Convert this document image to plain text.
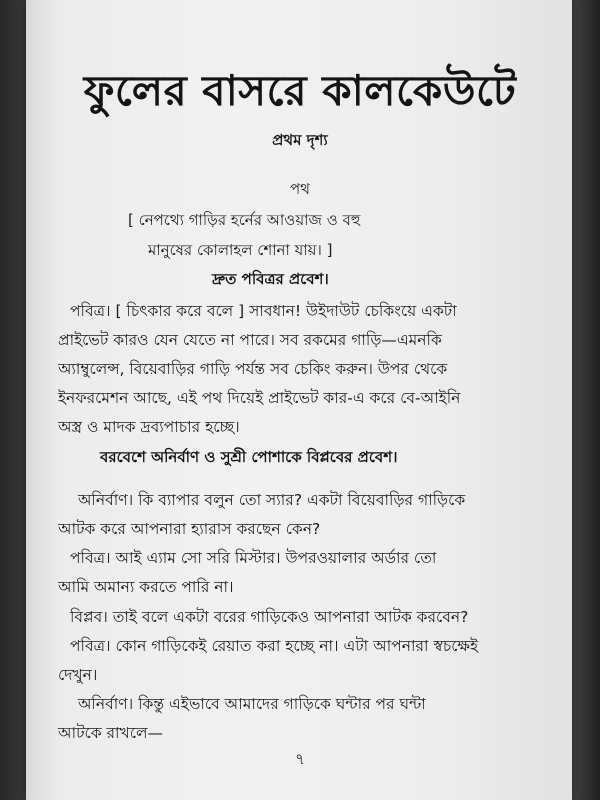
ফুলের বাসরে কালকেউটে
প্রথম দৃশ্য
পথ
[ নেপথ্যে গাড়ির হর্নের আওয়াজ ও বহু
মানুষের কোলাহল শোনা যায়। ]
দ্রুত পবিত্রর প্রবেশ।
পবিত্র। [ চিৎকার করে বলে ] সাবধান! উইদাউট চেকিংয়ে একটা
প্রাইভেট কারও যেন যেতে না পারে। সব রকমের গাড়ি—এমনকি
অ্যাম্বুলেন্স, বিয়েবাড়ির গাড়ি পর্যন্ত সব চেকিং করুন। উপর থেকে
ইনফরমেশন আছে, এই পথ দিয়েই প্রাইভেট কার-এ করে বে-আইনি
অস্ত্র ও মাদক দ্রব্যপাচার হচ্ছে।
বরবেশে অনির্বাণ ও সুশ্রী পোশাকে বিপ্লবের প্রবেশ।
অনির্বাণ। কি ব্যাপার বলুন তো স্যার? একটা বিয়েবাড়ির গাড়িকে
আটক করে আপনারা হ্যারাস করছেন কেন?
পবিত্র। আই এ্যাম সো সরি মিস্টার। উপরওয়ালার অর্ডার তো
আমি অমান্য করতে পারি না।
বিপ্লব। তাই বলে একটা বরের গাড়িকেও আপনারা আটক করবেন?
পবিত্র। কোন গাড়িকেই রেয়াত করা হচ্ছে না। এটা আপনারা স্বচক্ষেই
দেখুন।
অনির্বাণ। কিন্তু এইভাবে আমাদের গাড়িকে ঘন্টার পর ঘন্টা
আটকে রাখলে—
৭
